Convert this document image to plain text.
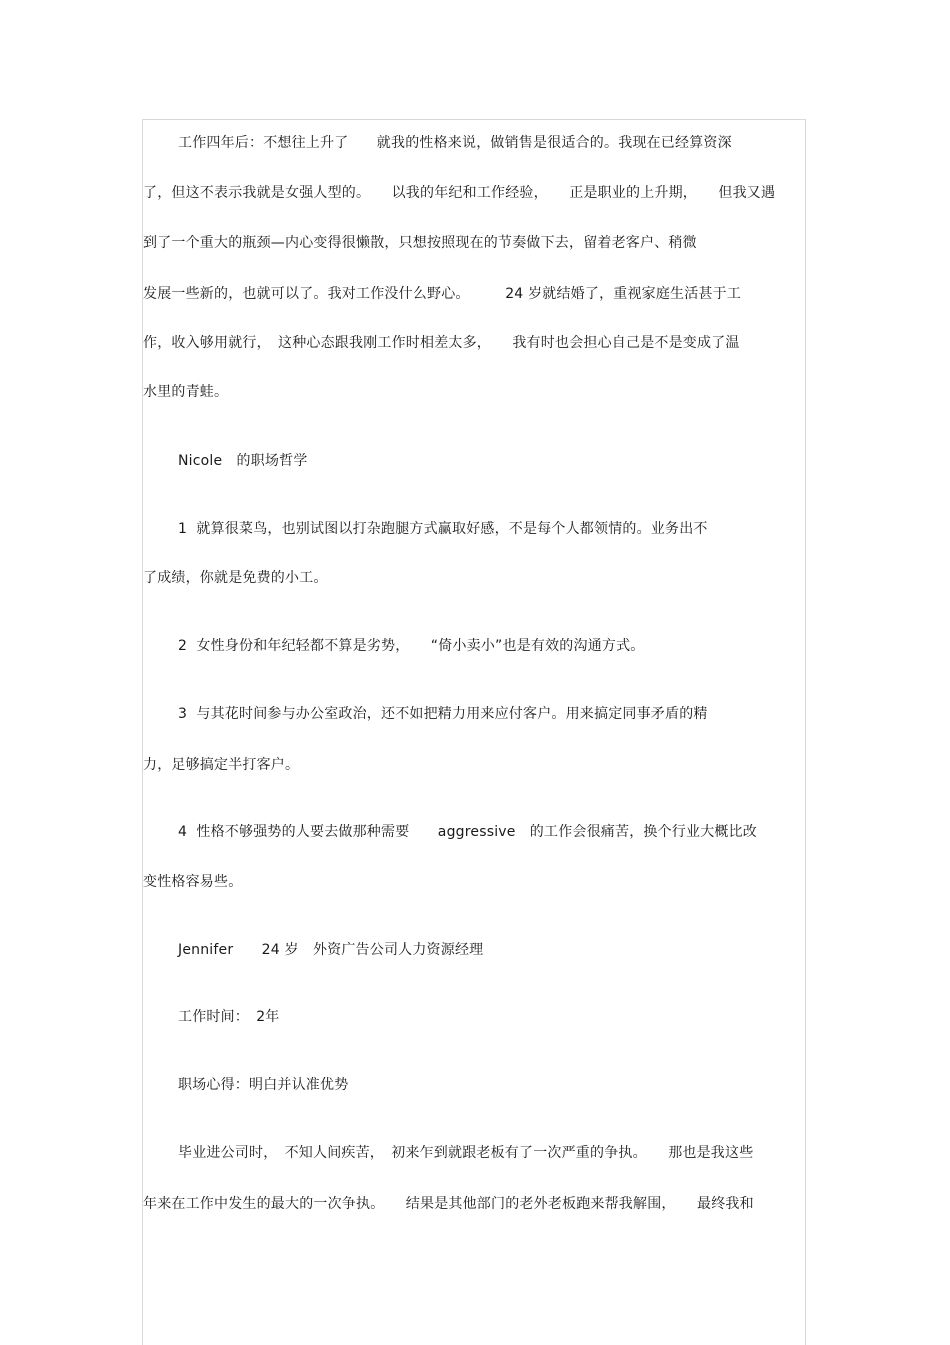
工作四年后：不想往上升了　　就我的性格来说，做销售是很适合的。我现在已经算资深
了，但这不表示我就是女强人型的。　　以我的年纪和工作经验，　　正是职业的上升期，　　但我又遇
到了一个重大的瓶颈—内心变得很懒散，只想按照现在的节奏做下去，留着老客户、稍微
发展一些新的，也就可以了。我对工作没什么野心。　　　24 岁就结婚了，重视家庭生活甚于工
作，收入够用就行，　这种心态跟我刚工作时相差太多，　　我有时也会担心自己是不是变成了温
水里的青蛙。
Nicole　的职场哲学
1  就算很菜鸟，也别试图以打杂跑腿方式赢取好感，不是每个人都领情的。业务出不
了成绩，你就是免费的小工。
2  女性身份和年纪轻都不算是劣势，　　“倚小卖小”也是有效的沟通方式。
3  与其花时间参与办公室政治，还不如把精力用来应付客户。用来搞定同事矛盾的精
力，足够搞定半打客户。
4  性格不够强势的人要去做那种需要　　aggressive　的工作会很痛苦，换个行业大概比改
变性格容易些。
Jennifer　　24 岁　外资广告公司人力资源经理
工作时间：　2年
职场心得：明白并认准优势
毕业进公司时，　不知人间疾苦，　初来乍到就跟老板有了一次严重的争执。　　那也是我这些
年来在工作中发生的最大的一次争执。　　结果是其他部门的老外老板跑来帮我解围，　　最终我和
